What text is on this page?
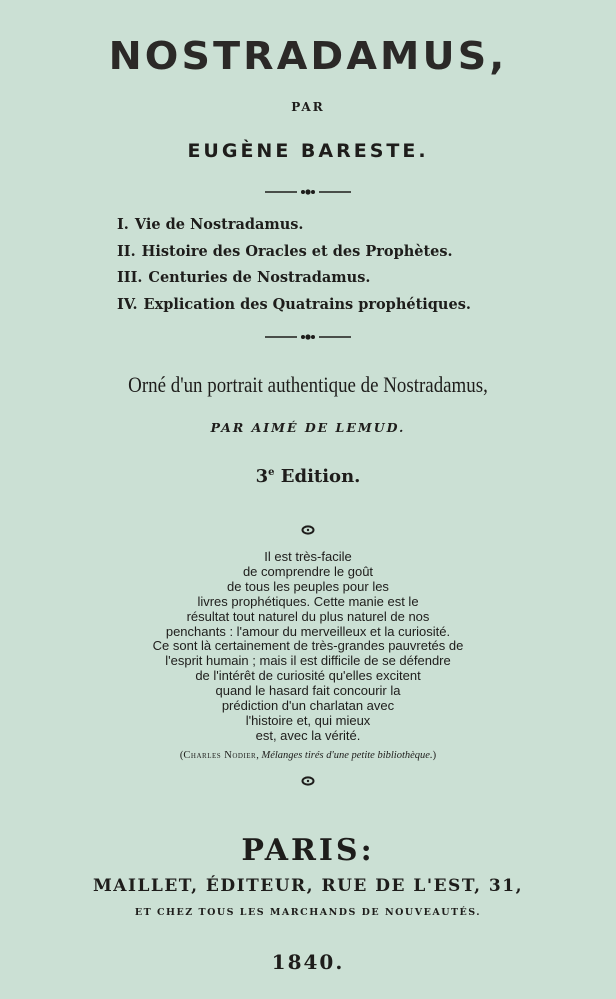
NOSTRADAMUS,
PAR
EUGÈNE BARESTE.
I. Vie de Nostradamus.
II. Histoire des Oracles et des Prophètes.
III. Centuries de Nostradamus.
IV. Explication des Quatrains prophétiques.
Orné d'un portrait authentique de Nostradamus,
PAR AIMÉ DE LEMUD.
3e Edition.
Il est très-facile
de comprendre le goût
de tous les peuples pour les
livres prophétiques. Cette manie est le
résultat tout naturel du plus naturel de nos
penchants : l'amour du merveilleux et la curiosité.
Ce sont là certainement de très-grandes pauvretés de
l'esprit humain ; mais il est difficile de se défendre
de l'intérêt de curiosité qu'elles excitent
quand le hasard fait concourir la
prédiction d'un charlatan avec
l'histoire et, qui mieux
est, avec la vérité.
(Charles Nodier, Mélanges tirés d'une petite bibliothèque.)
PARIS:
MAILLET, ÉDITEUR, RUE DE L'EST, 31,
ET CHEZ TOUS LES MARCHANDS DE NOUVEAUTÉS.
1840.
